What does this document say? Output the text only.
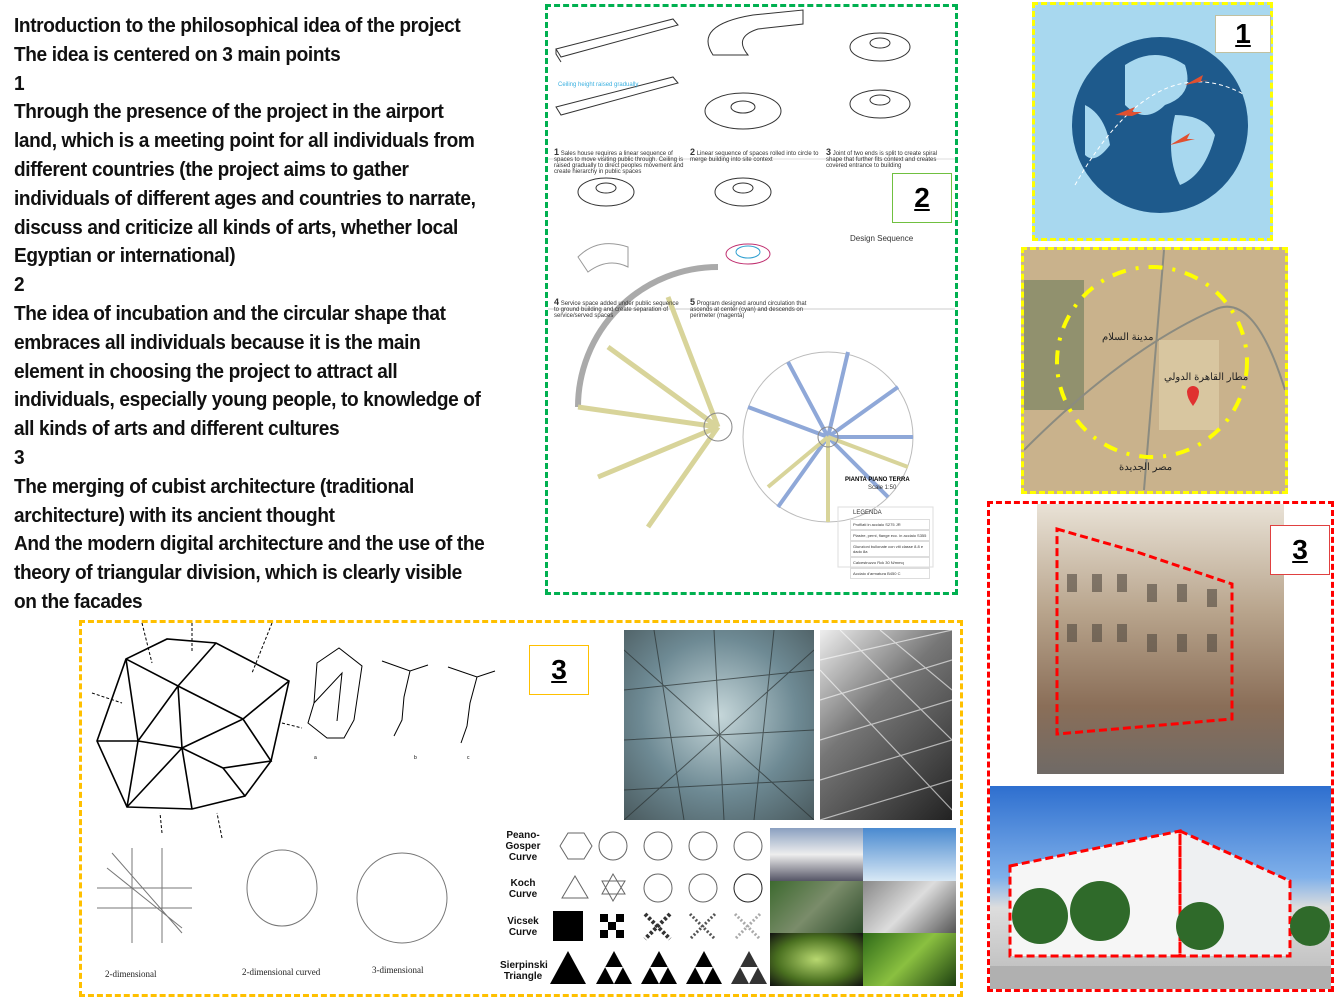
Introduction to the philosophical idea of the project
The idea is centered on 3 main points
1
Through the presence of the project in the airport
land, which is a meeting point for all individuals from
different countries (the project aims to gather
individuals of different ages and countries to narrate,
discuss and criticize all kinds of arts, whether local
Egyptian or international)
2
The idea of incubation and the circular shape that
embraces all individuals because it is the main
element in choosing the project to attract all
individuals, especially young people, to knowledge of
all kinds of arts and different cultures
3
The merging of cubist architecture (traditional
architecture) with its ancient thought
And the modern digital architecture and the use of the
theory of triangular division, which is clearly visible
on the facades
1 Sales house requires a linear sequence of spaces to move visiting public through. Ceiling is raised gradually to direct peoples movement and create hierarchy in public spaces
2 Linear sequence of spaces rolled into circle to merge building into site context
3 Joint of two ends is split to create spiral shape that further fits context and creates covered entrance to building
4 Service space added under public sequence to ground building and create separation of service/served spaces
5 Program designed around circulation that ascends at center (cyan) and descends on perimeter (magenta)
Ceiling height raised gradually
2
Design Sequence
PIANTA PIANO TERRA
Scale 1:50
LEGENDA
Profilati in acciaio S275 JR
Piastre, perni, flange ecc. in acciaio S355
Giunzioni bullonate con viti classe 8.8 e dado 8a
Calcestruzzo Rck 30 N/mmq
Acciaio d'armatura B450 C
1
مطار القاهرة الدولي
مدينة السلام
مصر الجديدة
3
a	b	c
2-dimensional	2-dimensional curved	3-dimensional
3
Peano-Gosper Curve
Koch Curve
Vicsek Curve
Sierpinski Triangle
